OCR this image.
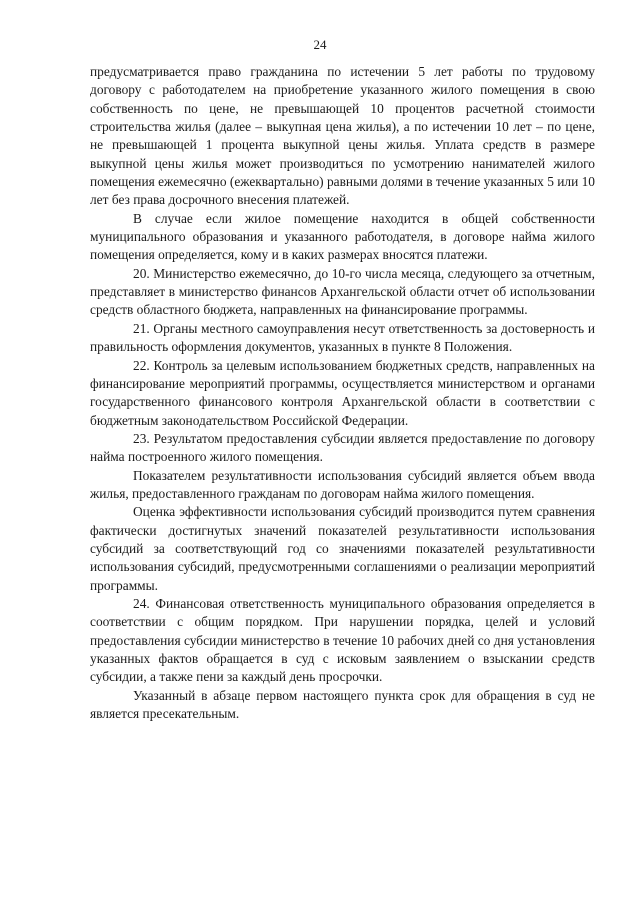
24

предусматривается право гражданина по истечении 5 лет работы по трудовому договору с работодателем на приобретение указанного жилого помещения в свою собственность по цене, не превышающей 10 процентов расчетной стоимости строительства жилья (далее – выкупная цена жилья), а по истечении 10 лет – по цене, не превышающей 1 процента выкупной цены жилья. Уплата средств в размере выкупной цены жилья может производиться по усмотрению нанимателей жилого помещения ежемесячно (ежеквартально) равными долями в течение указанных 5 или 10 лет без права досрочного внесения платежей.

В случае если жилое помещение находится в общей собственности муниципального образования и указанного работодателя, в договоре найма жилого помещения определяется, кому и в каких размерах вносятся платежи.

20. Министерство ежемесячно, до 10-го числа месяца, следующего за отчетным, представляет в министерство финансов Архангельской области отчет об использовании средств областного бюджета, направленных на финансирование программы.

21. Органы местного самоуправления несут ответственность за достоверность и правильность оформления документов, указанных в пункте 8 Положения.

22. Контроль за целевым использованием бюджетных средств, направленных на финансирование мероприятий программы, осуществляется министерством и органами государственного финансового контроля Архангельской области в соответствии с бюджетным законодательством Российской Федерации.

23. Результатом предоставления субсидии является предоставление по договору найма построенного жилого помещения.

Показателем результативности использования субсидий является объем ввода жилья, предоставленного гражданам по договорам найма жилого помещения.

Оценка эффективности использования субсидий производится путем сравнения фактически достигнутых значений показателей результативности использования субсидий за соответствующий год со значениями показателей результативности использования субсидий, предусмотренными соглашениями о реализации мероприятий программы.

24. Финансовая ответственность муниципального образования определяется в соответствии с общим порядком. При нарушении порядка, целей и условий предоставления субсидии министерство в течение 10 рабочих дней со дня установления указанных фактов обращается в суд с исковым заявлением о взыскании средств субсидии, а также пени за каждый день просрочки.

Указанный в абзаце первом настоящего пункта срок для обращения в суд не является пресекательным.
